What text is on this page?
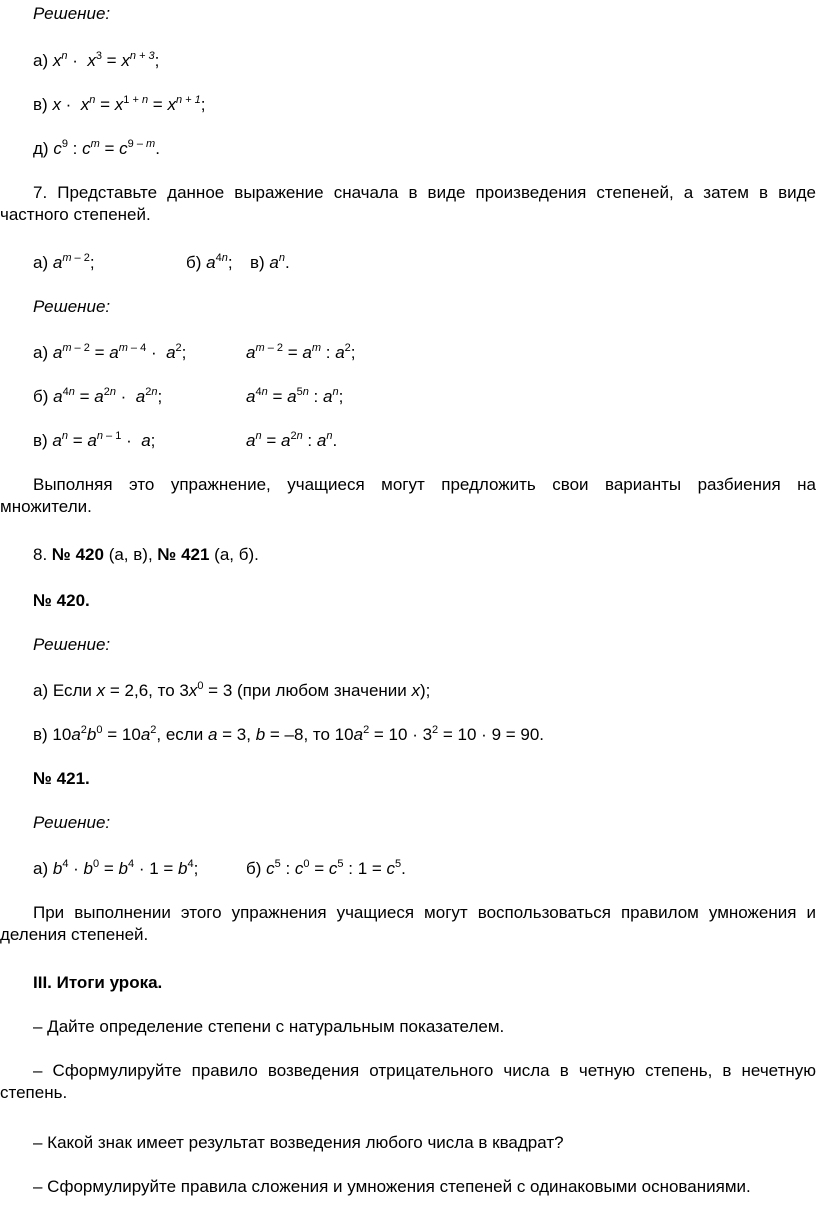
Решение:
а) $x^n \cdot x^3 = x^{n + 3}$;
в) $x \cdot x^n = x^{1 + n} = x^{n + 1}$;
д) $c^9$ : $c^m = c^{9 - m}$.
7. Представьте данное выражение сначала в виде произведения степеней, а затем в виде
частного степеней.
а) $a^{m - 2}$;	б) $a^{4n}$; в) $a^n$.
Решение:
а) $a^{m - 2} = a^{m - 4} \cdot a^2$;	$a^{m - 2} = a^m$ : $a^2$;
б) $a^{4n} = a^{2n} \cdot a^{2n}$;	$a^{4n} = a^{5n}$ : $a^n$;
в) $a^n = a^{n - 1} \cdot a$;	$a^n = a^{2n}$ : $a^n$.
Выполняя это упражнение, учащиеся могут предложить свои варианты разбиения на
множители.
8. № 420 (а, в), № 421 (а, б).
№ 420.
Решение:
а) Если x = 2,6, то $3x^0 = 3$ (при любом значении x);
в) $10a^2b^0 = 10a^2$, если a = 3, b = –8, то $10a^2 = 10 \cdot 3^2 = 10 \cdot 9 = 90$.
№ 421.
Решение:
а) $b^4 \cdot b^0 = b^4 \cdot 1 = b^4$;	б) $c^5$ : $c^0 = c^5$ : $1 = c^5$.
При выполнении этого упражнения учащиеся могут воспользоваться правилом умножения и
деления степеней.
III. Итоги урока.
– Дайте определение степени с натуральным показателем.
– Сформулируйте правило возведения отрицательного числа в четную степень, в нечетную
степень.
– Какой знак имеет результат возведения любого числа в квадрат?
– Сформулируйте правила сложения и умножения степеней с одинаковыми основаниями.
